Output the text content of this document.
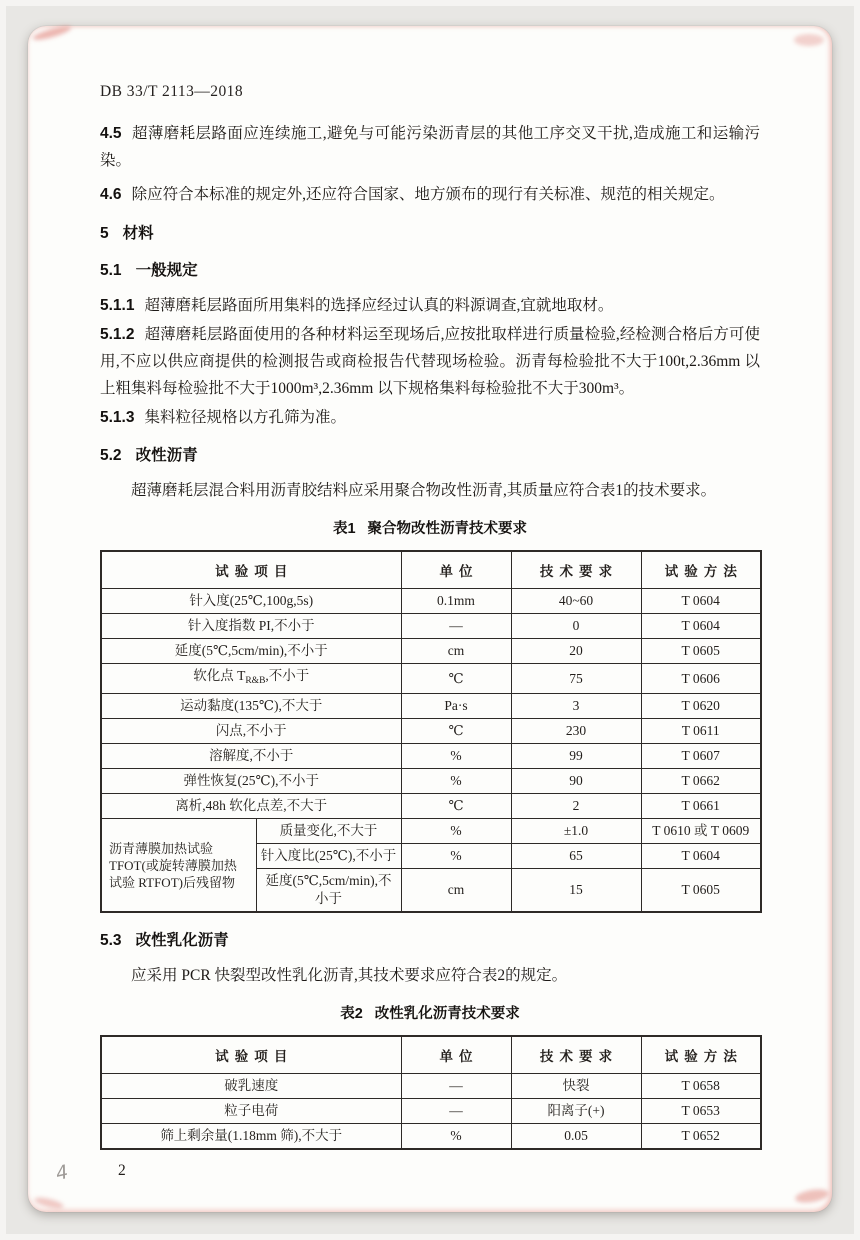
DB 33/T 2113—2018

4.5 超薄磨耗层路面应连续施工,避免与可能污染沥青层的其他工序交叉干扰,造成施工和运输污染。

4.6 除应符合本标准的规定外,还应符合国家、地方颁布的现行有关标准、规范的相关规定。

5 材料
5.1 一般规定

5.1.1 超薄磨耗层路面所用集料的选择应经过认真的料源调查,宜就地取材。

5.1.2 超薄磨耗层路面使用的各种材料运至现场后,应按批取样进行质量检验,经检测合格后方可使用,不应以供应商提供的检测报告或商检报告代替现场检验。沥青每检验批不大于100t,2.36mm 以上粗集料每检验批不大于1000m³,2.36mm 以下规格集料每检验批不大于300m³。

5.1.3 集料粒径规格以方孔筛为准。

5.2 改性沥青

超薄磨耗层混合料用沥青胶结料应采用聚合物改性沥青,其质量应符合表1的技术要求。

表1 聚合物改性沥青技术要求
试验项目		单位	技术要求	试验方法
针入度(25℃,100g,5s)		0.1mm	40~60	T 0604
针入度指数 PI,不小于		—	0	T 0604
延度(5℃,5cm/min),不小于		cm	20	T 0605
软化点 $T_{R\&B}$,不小于		℃	75	T 0606
运动黏度(135℃),不大于		Pa·s	3	T 0620
闪点,不小于		℃	230	T 0611
溶解度,不小于		%	99	T 0607
弹性恢复(25℃),不小于		%	90	T 0662
离析,48h 软化点差,不大于		℃	2	T 0661
沥青薄膜加热试验TFOT(或旋转薄膜加热试验 RTFOT)后残留物	质量变化,不大于	%	±1.0	T 0610 或 T 0609
	针入度比(25℃),不小于	%	65	T 0604
	延度(5℃,5cm/min),不小于	cm	15	T 0605
5.3 改性乳化沥青

应采用 PCR 快裂型改性乳化沥青,其技术要求应符合表2的规定。

表2 改性乳化沥青技术要求
试验项目	单位	技术要求	试验方法
破乳速度	—	快裂	T 0658
粒子电荷	—	阳离子(+)	T 0653
筛上剩余量(1.18mm 筛),不大于	%	0.05	T 0652
4	2
